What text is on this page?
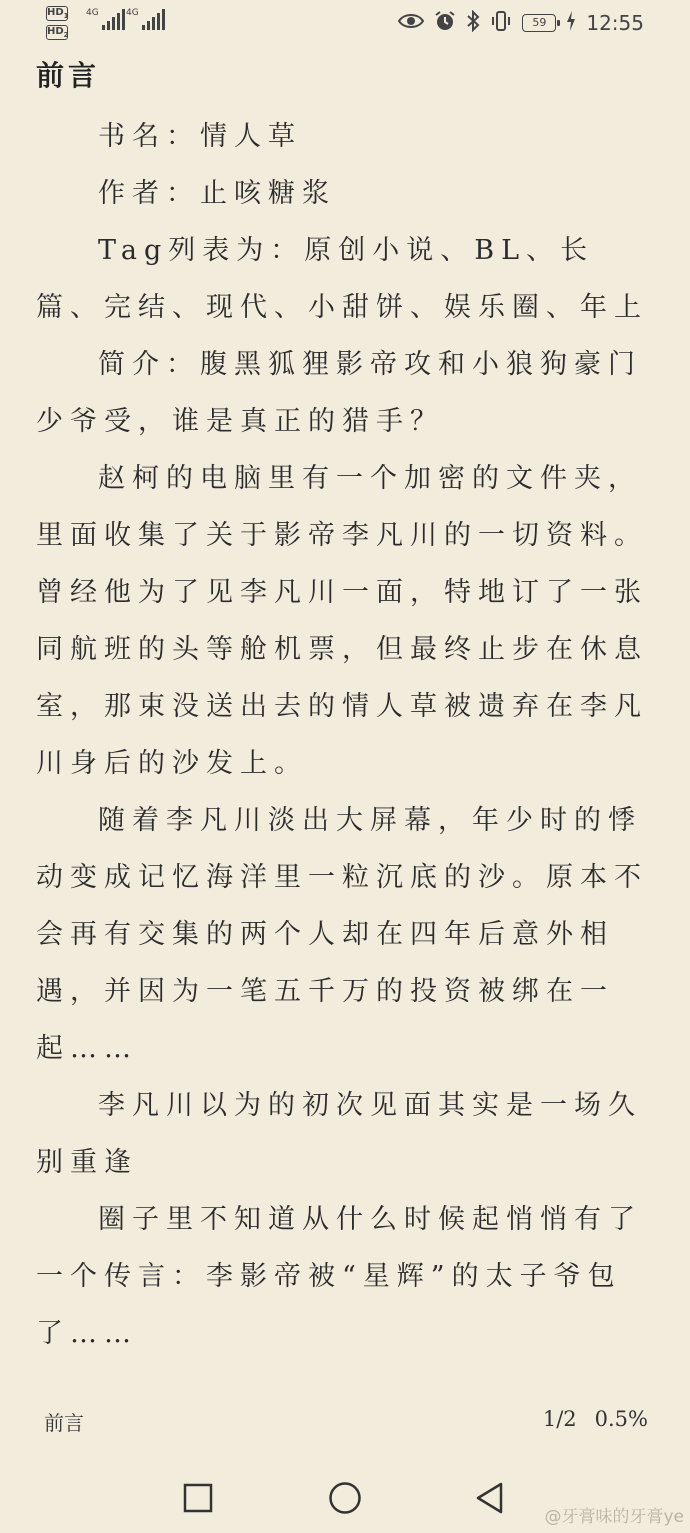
$HD_1$
$HD_2$
4G	4G
59	12:55
前言

书名：情人草

作者：止咳糖浆

Tag列表为：原创小说、BL、长篇、完结、现代、小甜饼、娱乐圈、年上

简介：腹黑狐狸影帝攻和小狼狗豪门少爷受，谁是真正的猎手？

赵柯的电脑里有一个加密的文件夹，里面收集了关于影帝李凡川的一切资料。曾经他为了见李凡川一面，特地订了一张同航班的头等舱机票，但最终止步在休息室，那束没送出去的情人草被遗弃在李凡川身后的沙发上。

随着李凡川淡出大屏幕，年少时的悸动变成记忆海洋里一粒沉底的沙。原本不会再有交集的两个人却在四年后意外相遇，并因为一笔五千万的投资被绑在一起……

李凡川以为的初次见面其实是一场久别重逢

圈子里不知道从什么时候起悄悄有了一个传言：李影帝被“星辉”的太子爷包了……

前言	1/2 0.5%
@牙膏味的牙膏ye
